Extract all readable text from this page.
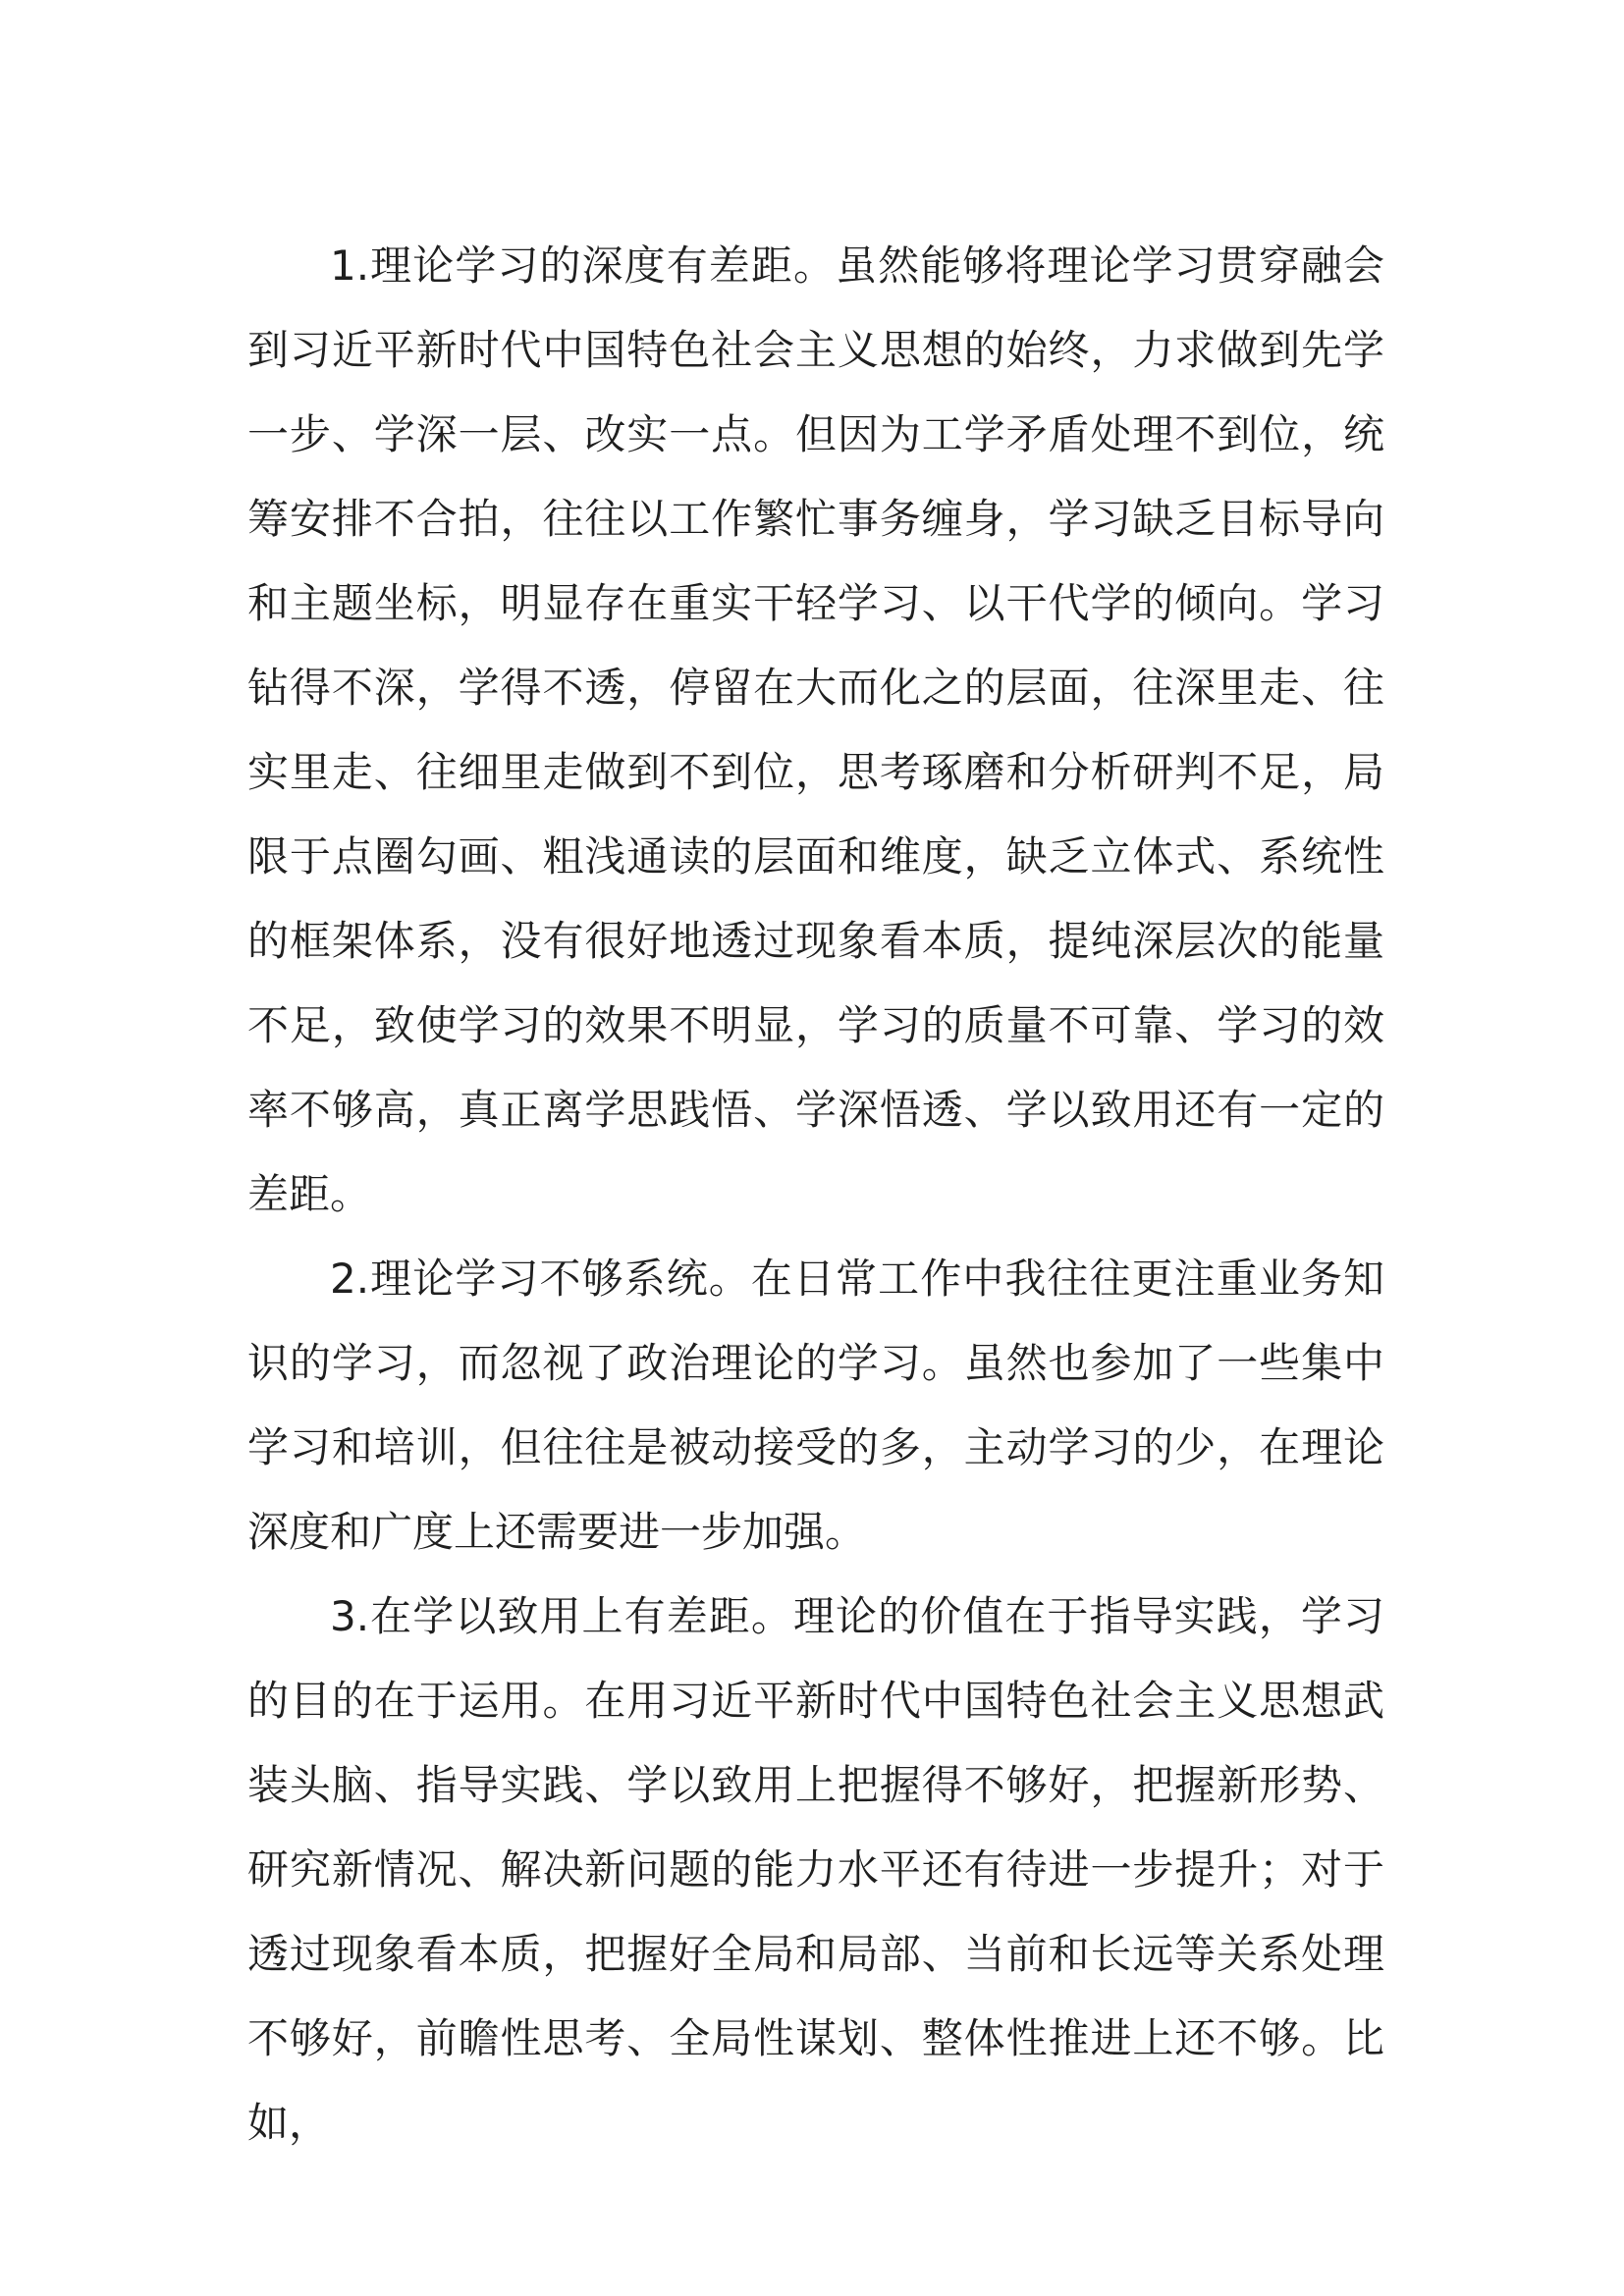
1.理论学习的深度有差距。虽然能够将理论学习贯穿融会到习近平新时代中国特色社会主义思想的始终，力求做到先学一步、学深一层、改实一点。但因为工学矛盾处理不到位，统筹安排不合拍，往往以工作繁忙事务缠身，学习缺乏目标导向和主题坐标，明显存在重实干轻学习、以干代学的倾向。学习钻得不深，学得不透，停留在大而化之的层面，往深里走、往实里走、往细里走做到不到位，思考琢磨和分析研判不足，局限于点圈勾画、粗浅通读的层面和维度，缺乏立体式、系统性的框架体系，没有很好地透过现象看本质，提纯深层次的能量不足，致使学习的效果不明显，学习的质量不可靠、学习的效率不够高，真正离学思践悟、学深悟透、学以致用还有一定的差距。

2.理论学习不够系统。在日常工作中我往往更注重业务知识的学习，而忽视了政治理论的学习。虽然也参加了一些集中学习和培训，但往往是被动接受的多，主动学习的少，在理论深度和广度上还需要进一步加强。

3.在学以致用上有差距。理论的价值在于指导实践，学习的目的在于运用。在用习近平新时代中国特色社会主义思想武装头脑、指导实践、学以致用上把握得不够好，把握新形势、研究新情况、解决新问题的能力水平还有待进一步提升；对于透过现象看本质，把握好全局和局部、当前和长远等关系处理不够好，前瞻性思考、全局性谋划、整体性推进上还不够。比如，
